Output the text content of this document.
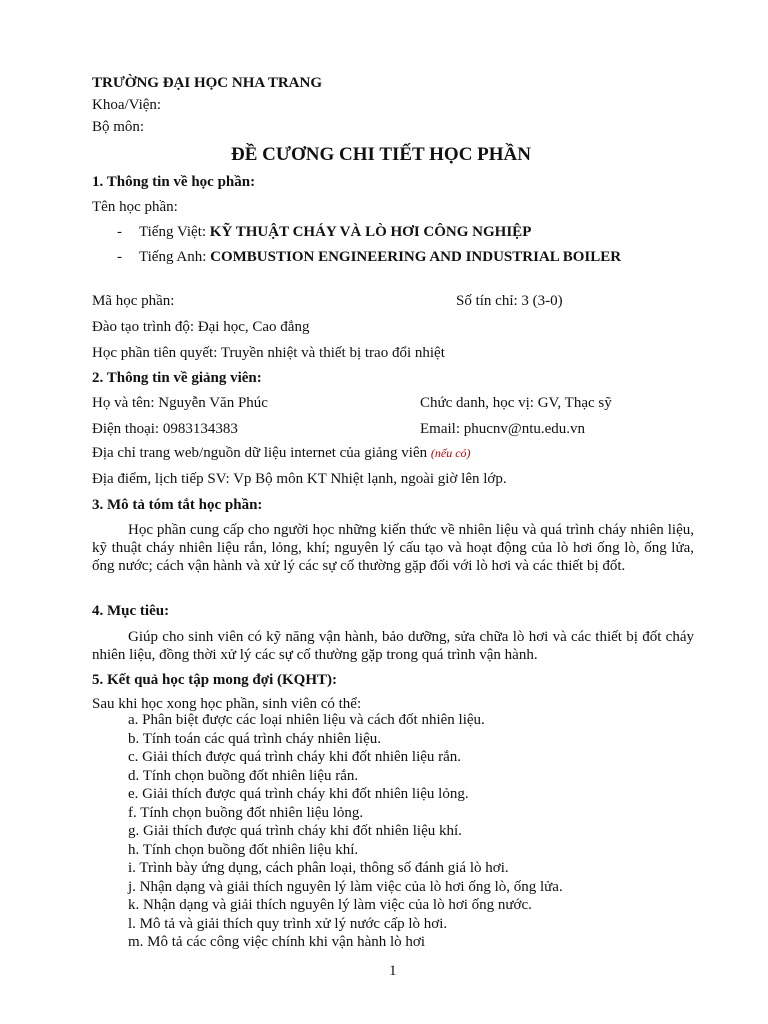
TRƯỜNG ĐẠI HỌC NHA TRANG
Khoa/Viện:
Bộ môn:
ĐỀ CƯƠNG CHI TIẾT HỌC PHẦN
1. Thông tin về học phần:
Tên học phần:
- Tiếng Việt: KỸ THUẬT CHÁY VÀ LÒ HƠI CÔNG NGHIỆP
- Tiếng Anh: COMBUSTION ENGINEERING AND INDUSTRIAL BOILER
Mã học phần:	Số tín chỉ: 3 (3-0)
Đào tạo trình độ: Đại học, Cao đẳng
Học phần tiên quyết: Truyền nhiệt và thiết bị trao đổi nhiệt
2. Thông tin về giảng viên:
Họ và tên: Nguyễn Văn Phúc	Chức danh, học vị: GV, Thạc sỹ
Điện thoại: 0983134383	Email: phucnv@ntu.edu.vn
Địa chỉ trang web/nguồn dữ liệu internet của giảng viên (nếu có)
Địa điểm, lịch tiếp SV: Vp Bộ môn KT Nhiệt lạnh, ngoài giờ lên lớp.
3. Mô tả tóm tắt học phần:
Học phần cung cấp cho người học những kiến thức về nhiên liệu và quá trình cháy nhiên liệu, kỹ thuật cháy nhiên liệu rắn, lỏng, khí; nguyên lý cấu tạo và hoạt động của lò hơi ống lò, ống lửa, ống nước; cách vận hành và xử lý các sự cố thường gặp đối với lò hơi và các thiết bị đốt.
4. Mục tiêu:
Giúp cho sinh viên có kỹ năng vận hành, bảo dưỡng, sửa chữa lò hơi và các thiết bị đốt cháy nhiên liệu, đồng thời xử lý các sự cố thường gặp trong quá trình vận hành.
5. Kết quả học tập mong đợi (KQHT):
Sau khi học xong học phần, sinh viên có thể:
a. Phân biệt được các loại nhiên liệu và cách đốt nhiên liệu.
b. Tính toán các quá trình cháy nhiên liệu.
c. Giải thích được quá trình cháy khi đốt nhiên liệu rắn.
d. Tính chọn buồng đốt nhiên liệu rắn.
e. Giải thích được quá trình cháy khi đốt nhiên liệu lỏng.
f. Tính chọn buồng đốt nhiên liệu lỏng.
g. Giải thích được quá trình cháy khi đốt nhiên liệu khí.
h. Tính chọn buồng đốt nhiên liệu khí.
i. Trình bày ứng dụng, cách phân loại, thông số đánh giá lò hơi.
j. Nhận dạng và giải thích nguyên lý làm việc của lò hơi ống lò, ống lửa.
k. Nhận dạng và giải thích nguyên lý làm việc của lò hơi ống nước.
l. Mô tả và giải thích quy trình xử lý nước cấp lò hơi.
m. Mô tả các công việc chính khi vận hành lò hơi
1
